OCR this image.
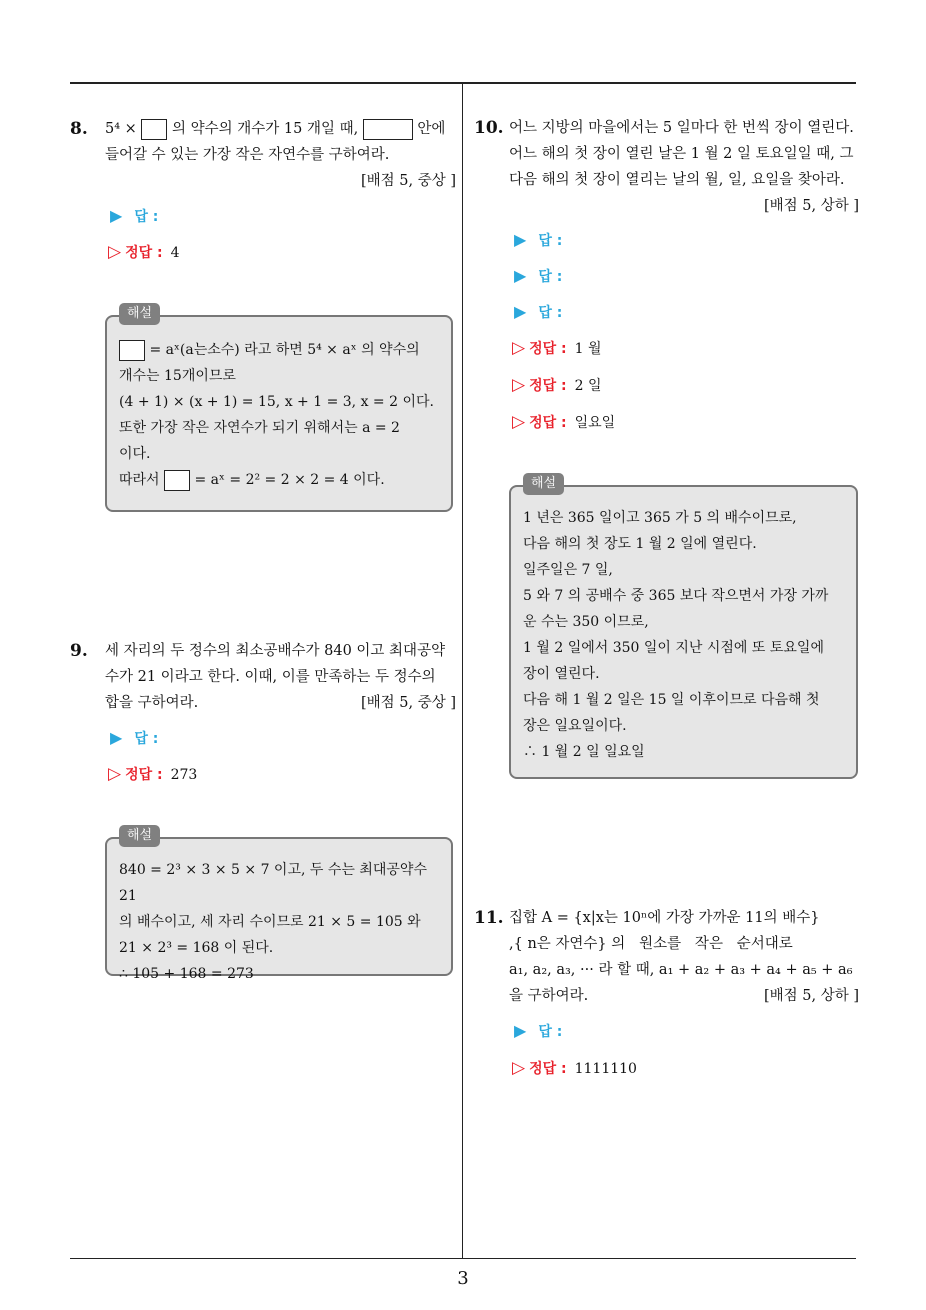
8. 5⁴ × 의 약수의 개수가 15 개일 때,	안에
들어갈 수 있는 가장 작은 자연수를 구하여라.
[배점 5, 중상 ]
▶ 답 :
▷ 정답 : 4
해설

= aˣ(a는소수) 라고 하면 5⁴ × aˣ 의 약수의

개수는 15개이므로

(4 + 1) × (x + 1) = 15, x + 1 = 3, x = 2 이다.

또한 가장 작은 자연수가 되기 위해서는 a = 2

이다.

따라서 = aˣ = 2² = 2 × 2 = 4 이다.

9. 세 자리의 두 정수의 최소공배수가 840 이고 최대공약
수가 21 이라고 한다. 이때, 이를 만족하는 두 정수의
합을 구하여라.	[배점 5, 중상 ]
▶ 답 :
▷ 정답 : 273
해설

840 = 2³ × 3 × 5 × 7 이고, 두 수는 최대공약수 21

의 배수이고, 세 자리 수이므로 21 × 5 = 105 와

21 × 2³ = 168 이 된다.

∴ 105 + 168 = 273

10. 어느 지방의 마을에서는 5 일마다 한 번씩 장이 열린다.
어느 해의 첫 장이 열린 날은 1 월 2 일 토요일일 때, 그
다음 해의 첫 장이 열리는 날의 월, 일, 요일을 찾아라.
[배점 5, 상하 ]
▶ 답 :
▶ 답 :
▶ 답 :
▷ 정답 : 1 월
▷ 정답 : 2 일
▷ 정답 : 일요일
해설

1 년은 365 일이고 365 가 5 의 배수이므로,

다음 해의 첫 장도 1 월 2 일에 열린다.

일주일은 7 일,

5 와 7 의 공배수 중 365 보다 작으면서 가장 가까

운 수는 350 이므로,

1 월 2 일에서 350 일이 지난 시점에 또 토요일에

장이 열린다.

다음 해 1 월 2 일은 15 일 이후이므로 다음해 첫

장은 일요일이다.

∴ 1 월 2 일 일요일

11. 집합 A = {x|x는 10ⁿ에 가장 가까운 11의 배수}
,{ n은 자연수} 의   원소를   작은   순서대로
a₁, a₂, a₃, ··· 라 할 때, a₁ + a₂ + a₃ + a₄ + a₅ + a₆
을 구하여라.	[배점 5, 상하 ]
▶ 답 :
▷ 정답 : 1111110
3
